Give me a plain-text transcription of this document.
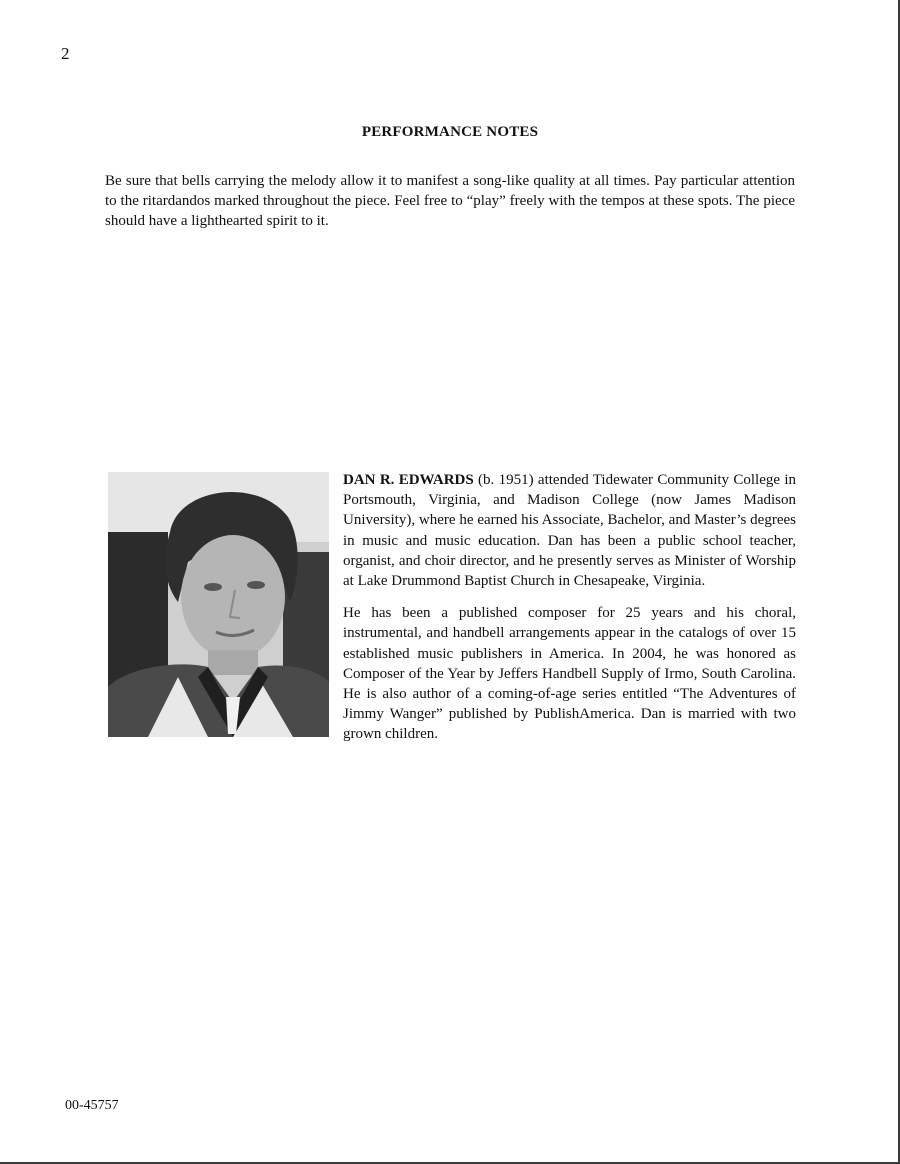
2
PERFORMANCE NOTES

Be sure that bells carrying the melody allow it to manifest a song-like quality at all times. Pay particular attention to the ritardandos marked throughout the piece. Feel free to “play” freely with the tempos at these spots. The piece should have a lighthearted spirit to it.

DAN R. EDWARDS (b. 1951) attended Tidewater Community College in Portsmouth, Virginia, and Madison College (now James Madison University), where he earned his Associate, Bachelor, and Master’s degrees in music and music education. Dan has been a public school teacher, organist, and choir director, and he presently serves as Minister of Worship at Lake Drummond Baptist Church in Chesapeake, Virginia.

He has been a published composer for 25 years and his choral, instrumental, and handbell arrangements appear in the catalogs of over 15 established music publishers in America. In 2004, he was honored as Composer of the Year by Jeffers Handbell Supply of Irmo, South Carolina. He is also author of a coming-of-age series entitled “The Adventures of Jimmy Wanger” published by PublishAmerica. Dan is married with two grown children.

00-45757
